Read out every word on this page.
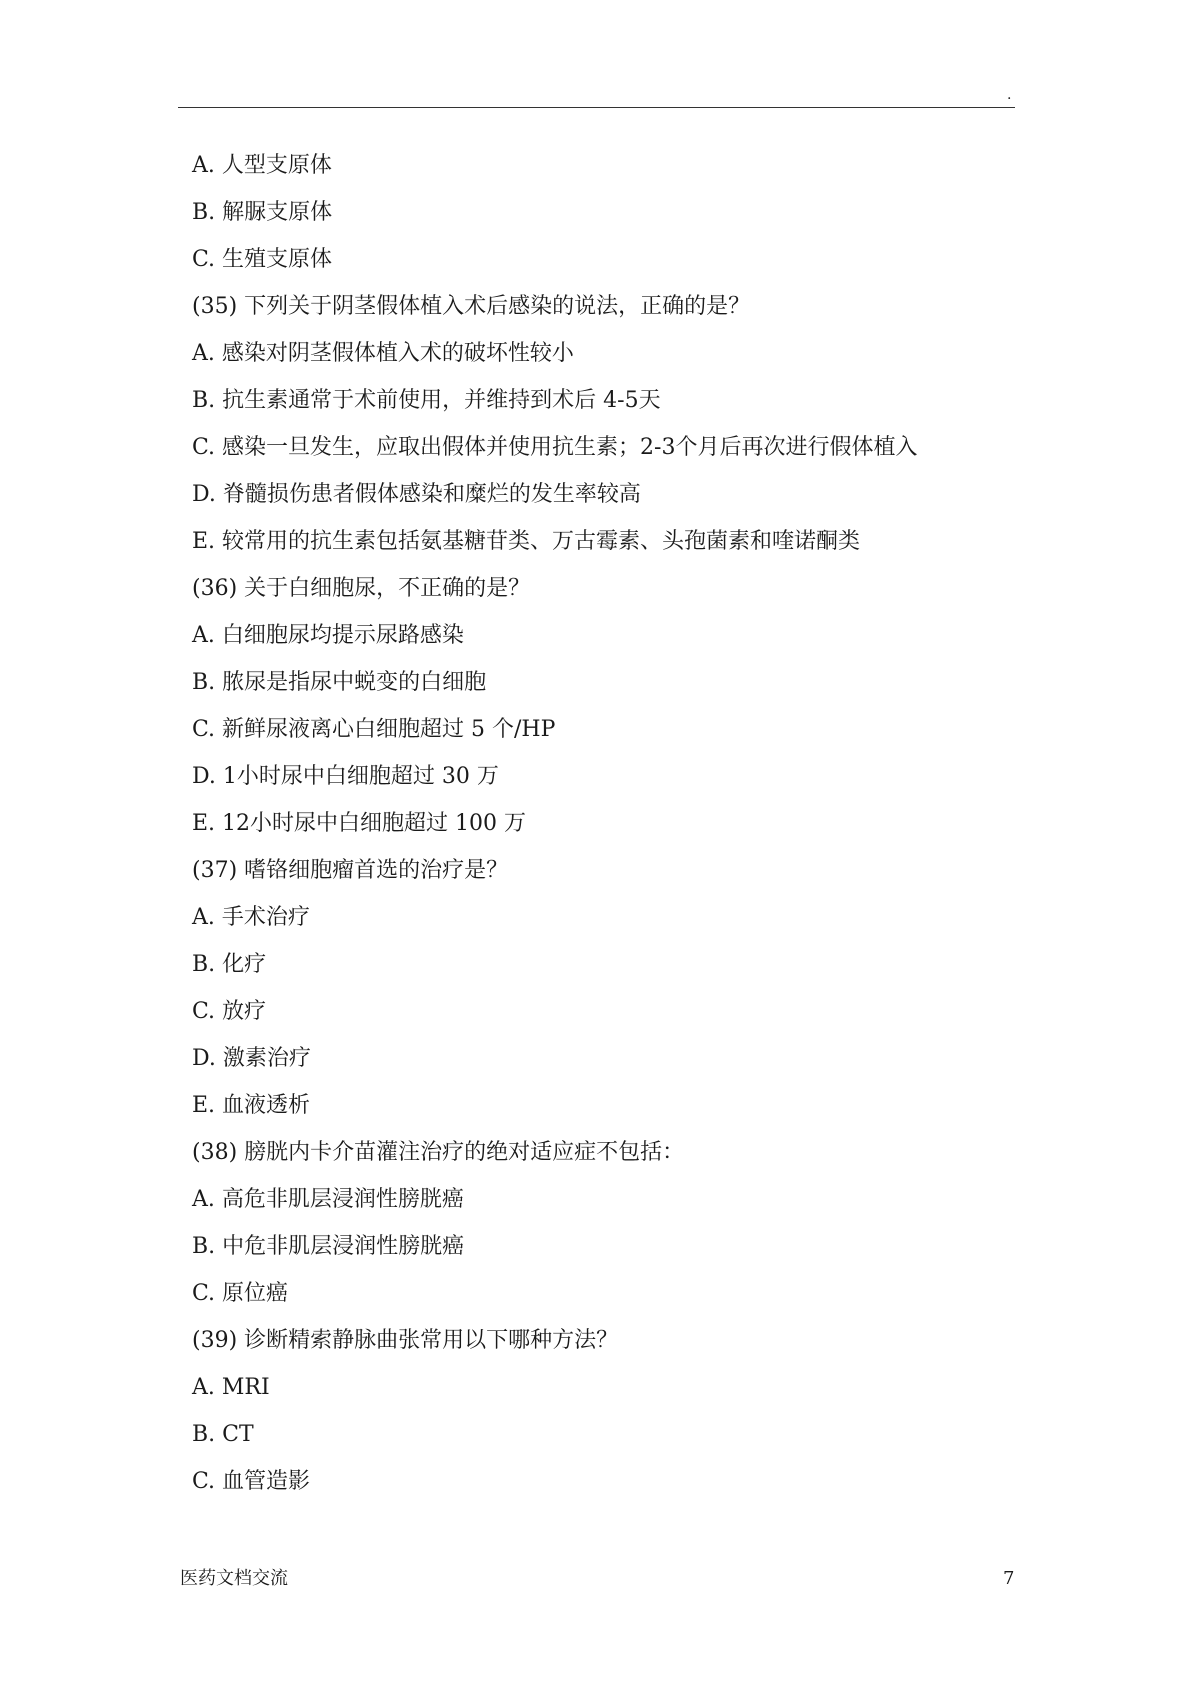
.
A. 人型支原体
B. 解脲支原体
C. 生殖支原体
(35) 下列关于阴茎假体植入术后感染的说法，正确的是？
A. 感染对阴茎假体植入术的破坏性较小
B. 抗生素通常于术前使用，并维持到术后 4-5天
C. 感染一旦发生，应取出假体并使用抗生素；2-3个月后再次进行假体植入
D. 脊髓损伤患者假体感染和糜烂的发生率较高
E. 较常用的抗生素包括氨基糖苷类、万古霉素、头孢菌素和喹诺酮类
(36) 关于白细胞尿，不正确的是？
A. 白细胞尿均提示尿路感染
B. 脓尿是指尿中蜕变的白细胞
C. 新鲜尿液离心白细胞超过 5 个/HP
D. 1小时尿中白细胞超过 30 万
E. 12小时尿中白细胞超过 100 万
(37) 嗜铬细胞瘤首选的治疗是？
A. 手术治疗
B. 化疗
C. 放疗
D. 激素治疗
E. 血液透析
(38) 膀胱内卡介苗灌注治疗的绝对适应症不包括：
A. 高危非肌层浸润性膀胱癌
B. 中危非肌层浸润性膀胱癌
C. 原位癌
(39) 诊断精索静脉曲张常用以下哪种方法？
A. MRI
B. CT
C. 血管造影
医药文档交流	7
